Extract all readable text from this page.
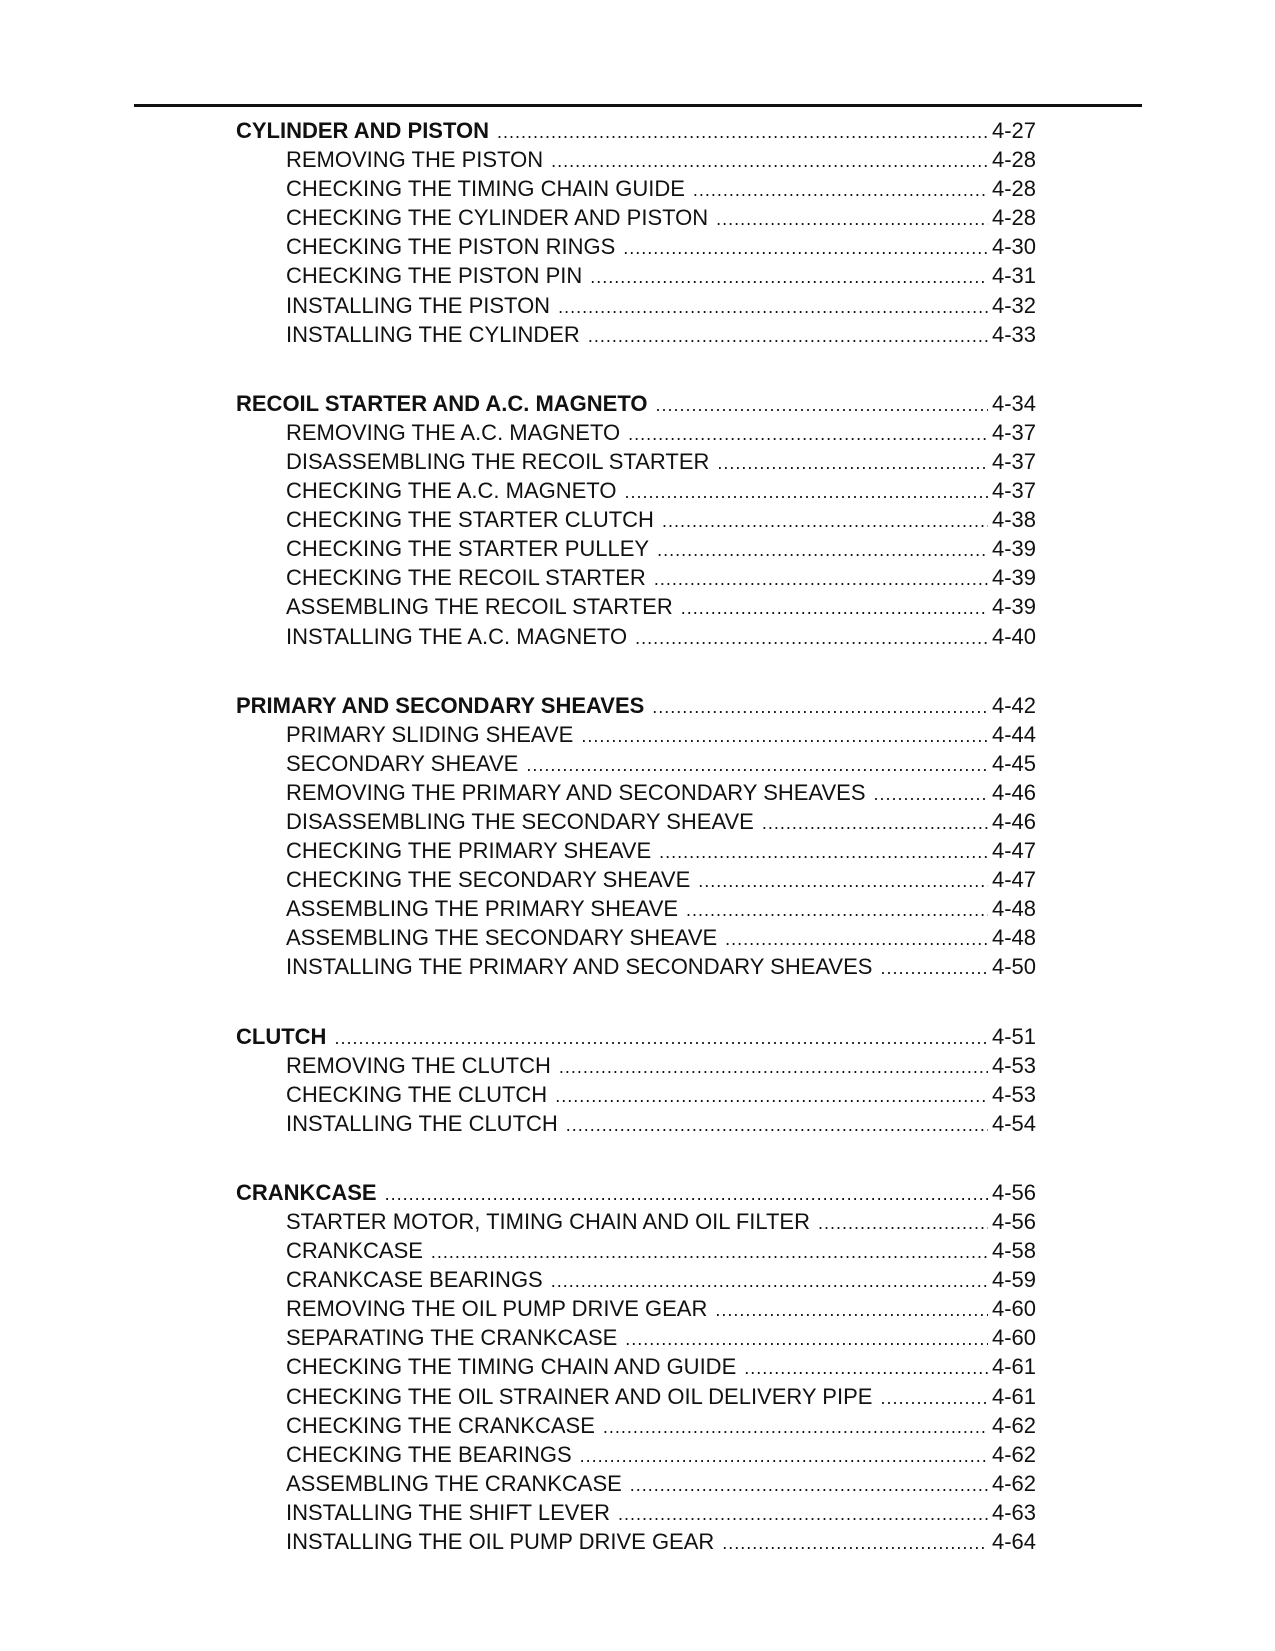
CYLINDER AND PISTON .....	4-27
REMOVING THE PISTON .....	4-28
CHECKING THE TIMING CHAIN GUIDE .....	4-28
CHECKING THE CYLINDER AND PISTON .....	4-28
CHECKING THE PISTON RINGS .....	4-30
CHECKING THE PISTON PIN .....	4-31
INSTALLING THE PISTON .....	4-32
INSTALLING THE CYLINDER .....	4-33
RECOIL STARTER AND A.C. MAGNETO .....	4-34
REMOVING THE A.C. MAGNETO .....	4-37
DISASSEMBLING THE RECOIL STARTER .....	4-37
CHECKING THE A.C. MAGNETO .....	4-37
CHECKING THE STARTER CLUTCH .....	4-38
CHECKING THE STARTER PULLEY .....	4-39
CHECKING THE RECOIL STARTER .....	4-39
ASSEMBLING THE RECOIL STARTER .....	4-39
INSTALLING THE A.C. MAGNETO .....	4-40
PRIMARY AND SECONDARY SHEAVES .....	4-42
PRIMARY SLIDING SHEAVE .....	4-44
SECONDARY SHEAVE .....	4-45
REMOVING THE PRIMARY AND SECONDARY SHEAVES .....	4-46
DISASSEMBLING THE SECONDARY SHEAVE .....	4-46
CHECKING THE PRIMARY SHEAVE .....	4-47
CHECKING THE SECONDARY SHEAVE .....	4-47
ASSEMBLING THE PRIMARY SHEAVE .....	4-48
ASSEMBLING THE SECONDARY SHEAVE .....	4-48
INSTALLING THE PRIMARY AND SECONDARY SHEAVES .....	4-50
CLUTCH .....	4-51
REMOVING THE CLUTCH .....	4-53
CHECKING THE CLUTCH .....	4-53
INSTALLING THE CLUTCH .....	4-54
CRANKCASE .....	4-56
STARTER MOTOR, TIMING CHAIN AND OIL FILTER .....	4-56
CRANKCASE .....	4-58
CRANKCASE BEARINGS .....	4-59
REMOVING THE OIL PUMP DRIVE GEAR .....	4-60
SEPARATING THE CRANKCASE .....	4-60
CHECKING THE TIMING CHAIN AND GUIDE .....	4-61
CHECKING THE OIL STRAINER AND OIL DELIVERY PIPE .....	4-61
CHECKING THE CRANKCASE .....	4-62
CHECKING THE BEARINGS .....	4-62
ASSEMBLING THE CRANKCASE .....	4-62
INSTALLING THE SHIFT LEVER .....	4-63
INSTALLING THE OIL PUMP DRIVE GEAR .....	4-64
